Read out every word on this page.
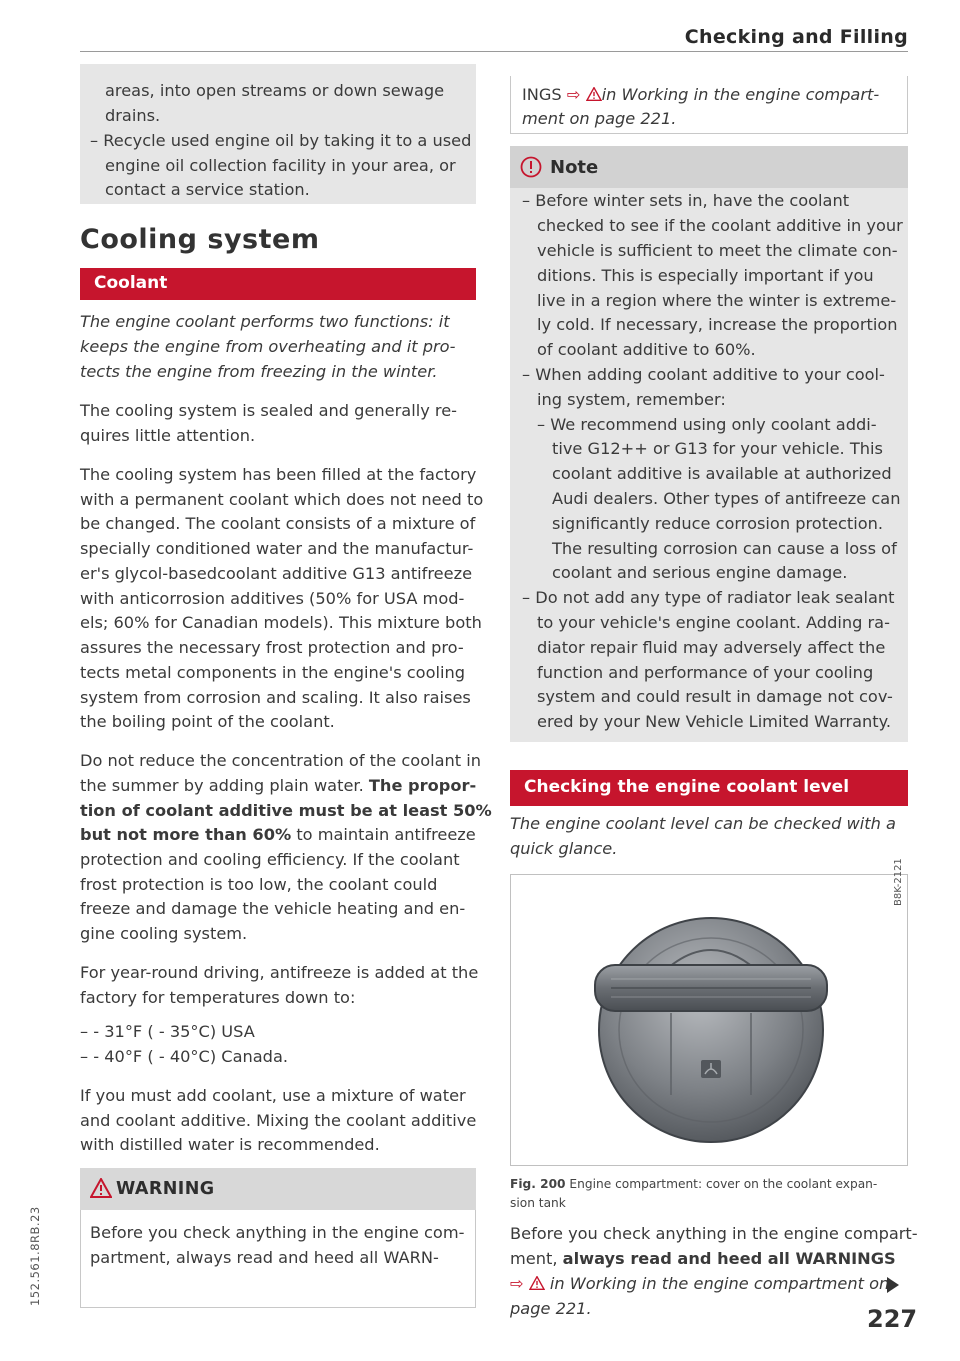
Checking and Filling
areas, into open streams or down sewage
drains.
– Recycle used engine oil by taking it to a used
engine oil collection facility in your area, or
contact a service station.
Cooling system
Coolant
The engine coolant performs two functions: it
keeps the engine from overheating and it pro-
tects the engine from freezing in the winter.
The cooling system is sealed and generally re-
quires little attention.
The cooling system has been filled at the factory
with a permanent coolant which does not need to
be changed. The coolant consists of a mixture of
specially conditioned water and the manufactur-
er's glycol-basedcoolant additive G13 antifreeze
with anticorrosion additives (50% for USA mod-
els; 60% for Canadian models). This mixture both
assures the necessary frost protection and pro-
tects metal components in the engine's cooling
system from corrosion and scaling. It also raises
the boiling point of the coolant.
Do not reduce the concentration of the coolant in
the summer by adding plain water. The propor-
tion of coolant additive must be at least 50%
but not more than 60% to maintain antifreeze
protection and cooling efficiency. If the coolant
frost protection is too low, the coolant could
freeze and damage the vehicle heating and en-
gine cooling system.
For year-round driving, antifreeze is added at the
factory for temperatures down to:
– - 31°F ( - 35°C) USA
– - 40°F ( - 40°C) Canada.
If you must add coolant, use a mixture of water
and coolant additive. Mixing the coolant additive
with distilled water is recommended.
WARNING
Before you check anything in the engine com-
partment, always read and heed all WARN-
INGS ⇨ in Working in the engine compart-
ment on page 221.
Note
– Before winter sets in, have the coolant
checked to see if the coolant additive in your
vehicle is sufficient to meet the climate con-
ditions. This is especially important if you
live in a region where the winter is extreme-
ly cold. If necessary, increase the proportion
of coolant additive to 60%.
– When adding coolant additive to your cool-
ing system, remember:
– We recommend using only coolant addi-
tive G12++ or G13 for your vehicle. This
coolant additive is available at authorized
Audi dealers. Other types of antifreeze can
significantly reduce corrosion protection.
The resulting corrosion can cause a loss of
coolant and serious engine damage.
– Do not add any type of radiator leak sealant
to your vehicle's engine coolant. Adding ra-
diator repair fluid may adversely affect the
function and performance of your cooling
system and could result in damage not cov-
ered by your New Vehicle Limited Warranty.
Checking the engine coolant level
The engine coolant level can be checked with a
quick glance.
B8K-2121
Fig. 200 Engine compartment: cover on the coolant expan-
sion tank
Before you check anything in the engine compart-
ment, always read and heed all WARNINGS
⇨  in Working in the engine compartment on
page 221.	227
152.561.8RB.23
